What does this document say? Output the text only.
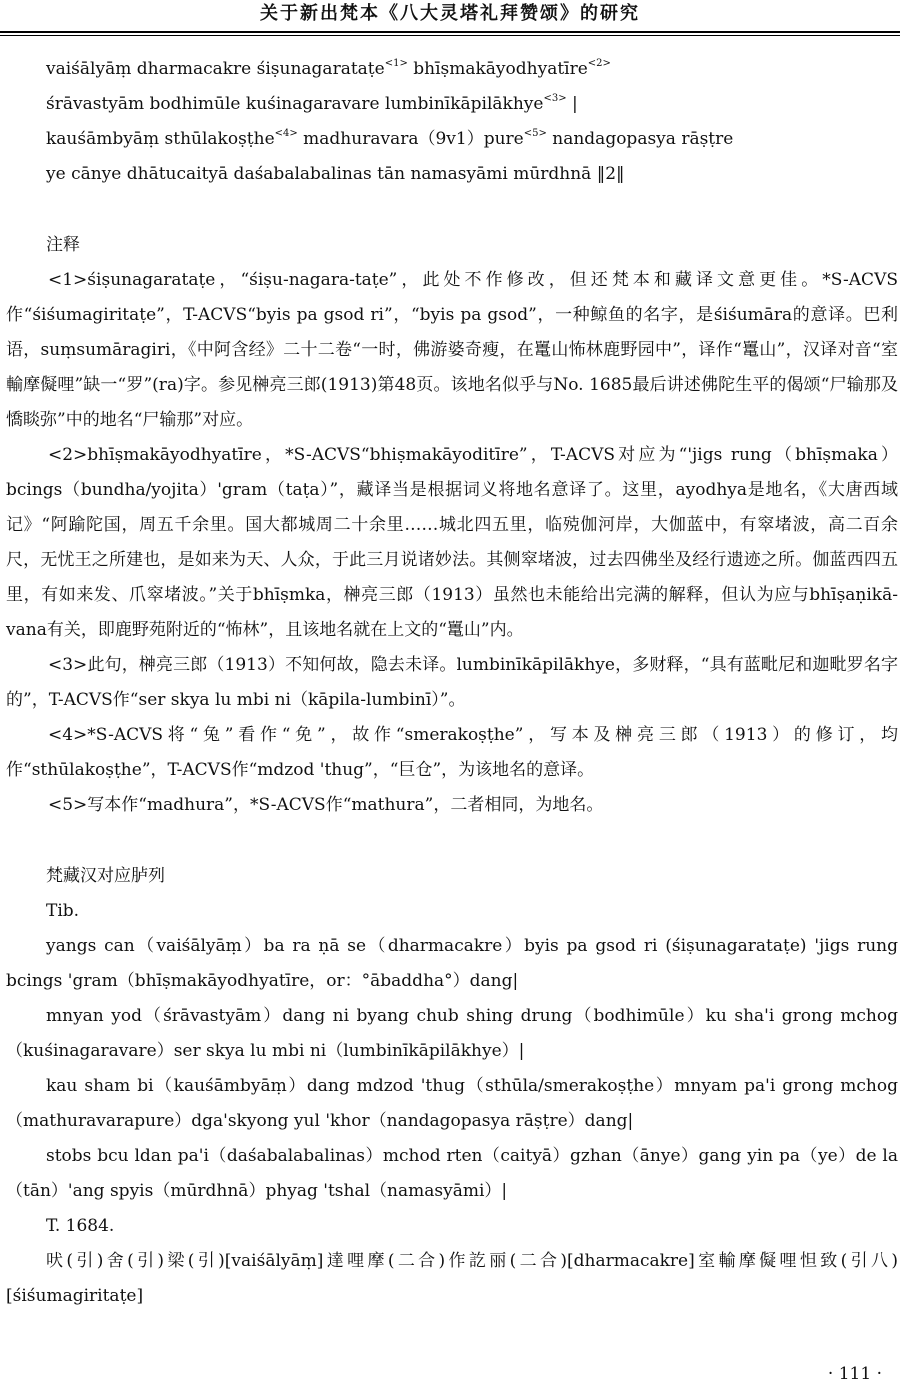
关于新出梵本《八大灵塔礼拜赞颂》的研究

vaiśālyāṃ dharmacakre śiṣunagarataṭe$^{<1>}$ bhīṣmakāyodhyatīre$^{<2>}$

śrāvastyām bodhimūle kuśinagaravare lumbinīkāpilākhye$^{<3>}$ |

kauśāmbyāṃ sthūlakoṣṭhe$^{<4>}$ madhuravara（9v1）pure$^{<5>}$ nandagopasya rāṣṭre

ye cānye dhātucaityā daśabalabalinas tān namasyāmi mūrdhnā ‖2‖

注释

<1>śiṣunagarataṭe，“śiṣu-nagara-taṭe”，此处不作修改，但还梵本和藏译文意更佳。*S-ACVS作“śiśumagiritaṭe”，T-ACVS“byis pa gsod ri”，“byis pa gsod”，一种鲸鱼的名字，是śiśumāra的意译。巴利语，suṃsumāragiri，《中阿含经》二十二卷“一时，佛游婆奇瘦，在鼍山怖林鹿野园中”，译作“鼍山”，汉译对音“室輸摩儗哩”缺一“罗”(ra)字。参见榊亮三郎(1913)第48页。该地名似乎与No. 1685最后讲述佛陀生平的偈颂“尸输那及憍睒弥”中的地名“尸输那”对应。

<2>bhīṣmakāyodhyatīre，*S-ACVS“bhiṣmakāyoditīre”，T-ACVS对应为“'jigs rung（bhīṣmaka）bcings（bundha/yojita）'gram（taṭa）”，藏译当是根据词义将地名意译了。这里，ayodhya是地名，《大唐西域记》“阿踰陀国，周五千余里。国大都城周二十余里……城北四五里，临殑伽河岸，大伽蓝中，有窣堵波，高二百余尺，无忧王之所建也，是如来为天、人众，于此三月说诸妙法。其侧窣堵波，过去四佛坐及经行遗迹之所。伽蓝西四五里，有如来发、爪窣堵波。”关于bhīṣmka，榊亮三郎（1913）虽然也未能给出完满的解释，但认为应与bhīṣaṇikā-vana有关，即鹿野苑附近的“怖林”，且该地名就在上文的“鼍山”内。

<3>此句，榊亮三郎（1913）不知何故，隐去未译。lumbinīkāpilākhye，多财释，“具有蓝毗尼和迦毗罗名字的”，T-ACVS作“ser skya lu mbi ni（kāpila-lumbinī）”。

<4>*S-ACVS将“兔”看作“免”，故作“smerakoṣṭhe”，写本及榊亮三郎（1913）的修订，均作“sthūlakoṣṭhe”，T-ACVS作“mdzod 'thug”，“巨仓”，为该地名的意译。

<5>写本作“madhura”，*S-ACVS作“mathura”，二者相同，为地名。

梵藏汉对应胪列

Tib.

yangs can（vaiśālyāṃ）ba ra ṇā se（dharmacakre）byis pa gsod ri (śiṣunagarataṭe) 'jigs rung bcings 'gram（bhīṣmakāyodhyatīre，or：°ābaddha°）dang|

mnyan yod（śrāvastyām）dang ni byang chub shing drung（bodhimūle）ku sha'i grong mchog（kuśinagaravare）ser skya lu mbi ni（lumbinīkāpilākhye）|

kau sham bi（kauśāmbyāṃ）dang mdzod 'thug（sthūla/smerakoṣṭhe）mnyam pa'i grong mchog（mathuravarapure）dga'skyong yul 'khor（nandagopasya rāṣṭre）dang|

stobs bcu ldan pa'i（daśabalabalinas）mchod rten（caityā）gzhan（ānye）gang yin pa（ye）de la（tān）'ang spyis（mūrdhnā）phyag 'tshal（namasyāmi）|

T. 1684.

吠(引)舍(引)梁(引)[vaiśālyāṃ]達哩摩(二合)作訖丽(二合)[dharmacakre]室輸摩儗哩怛致(引八)[śiśumagiritaṭe]

· 111 ·
